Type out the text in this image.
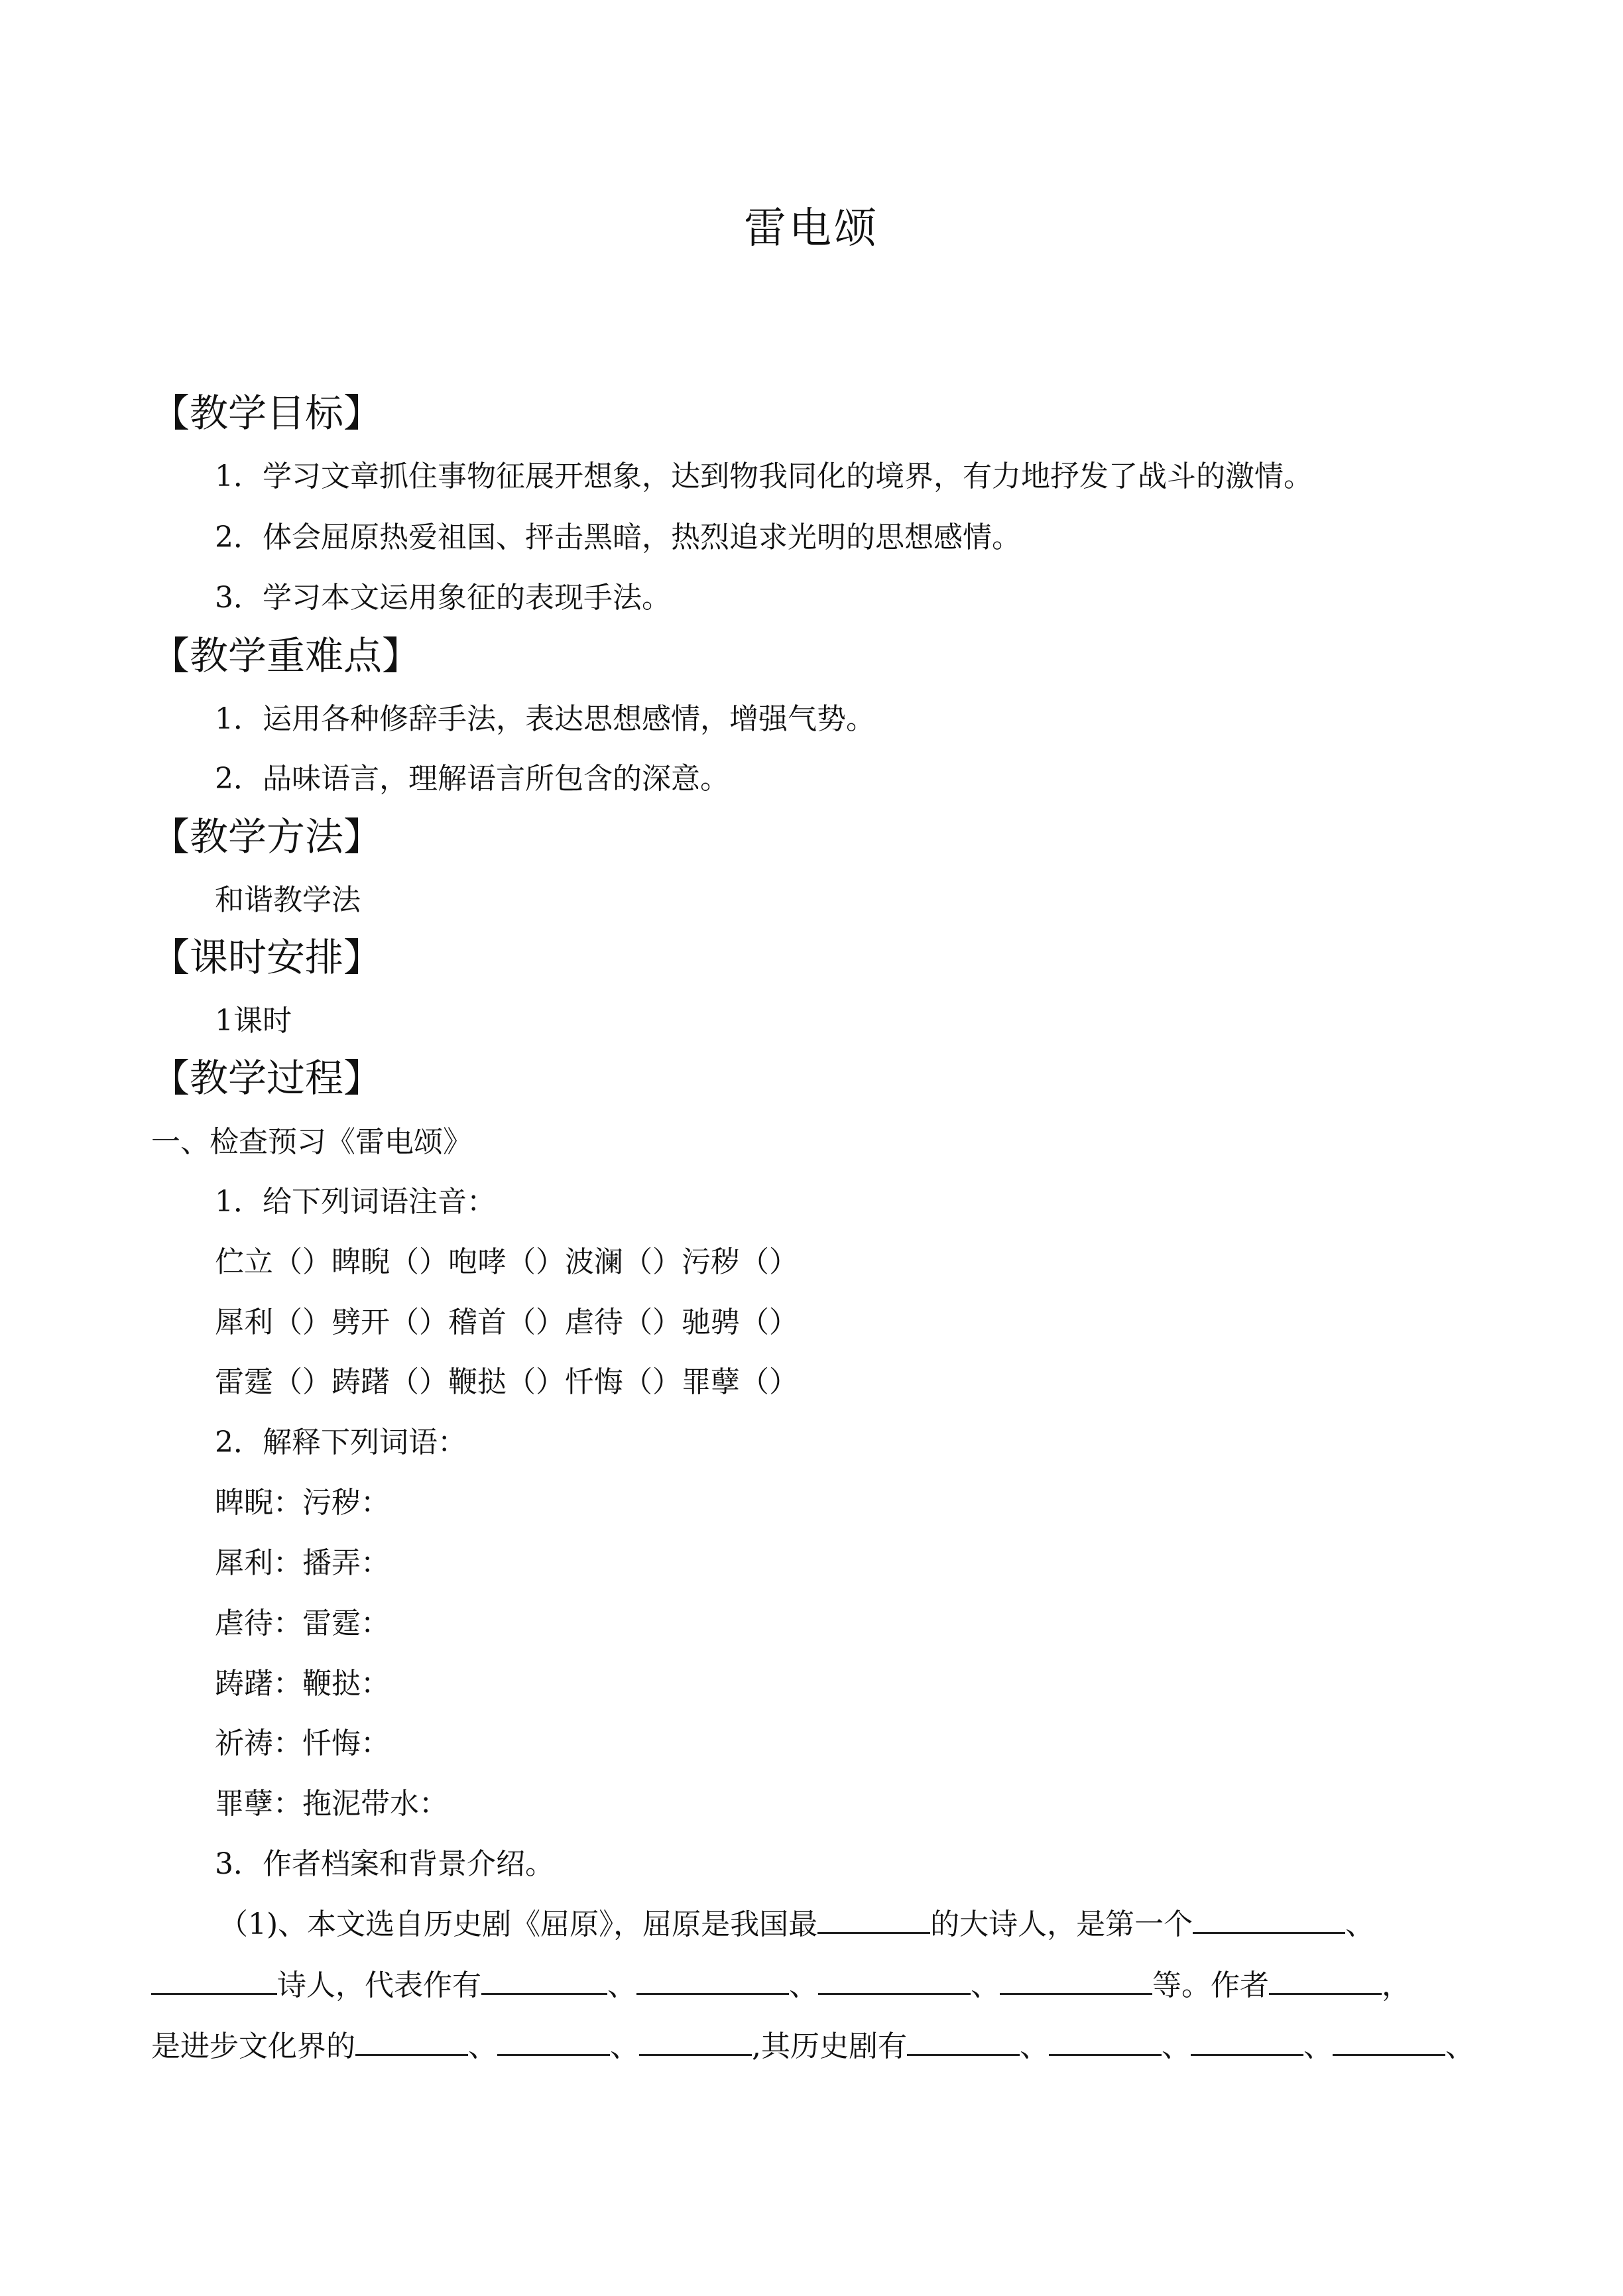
雷电颂
【教学目标】
1．学习文章抓住事物征展开想象，达到物我同化的境界，有力地抒发了战斗的激情。
2．体会屈原热爱祖国、抨击黑暗，热烈追求光明的思想感情。
3．学习本文运用象征的表现手法。
【教学重难点】
1．运用各种修辞手法，表达思想感情，增强气势。
2．品味语言，理解语言所包含的深意。
【教学方法】
和谐教学法
【课时安排】
1课时
【教学过程】
一、检查预习《雷电颂》
1．给下列词语注音：
伫立（）睥睨（）咆哮（）波澜（）污秽（）
犀利（）劈开（）稽首（）虐待（）驰骋（）
雷霆（）踌躇（）鞭挞（）忏悔（）罪孽（）
2．解释下列词语：
睥睨：污秽：
犀利：播弄：
虐待：雷霆：
踌躇：鞭挞：
祈祷：忏悔：
罪孽：拖泥带水：
3．作者档案和背景介绍。
（1)、本文选自历史剧《屈原》，屈原是我国最	的大诗人，是第一个	、
诗人，代表作有	、	、	、	等。作者	，
是进步文化界的	、	、	,其历史剧有	、	、	、	、
